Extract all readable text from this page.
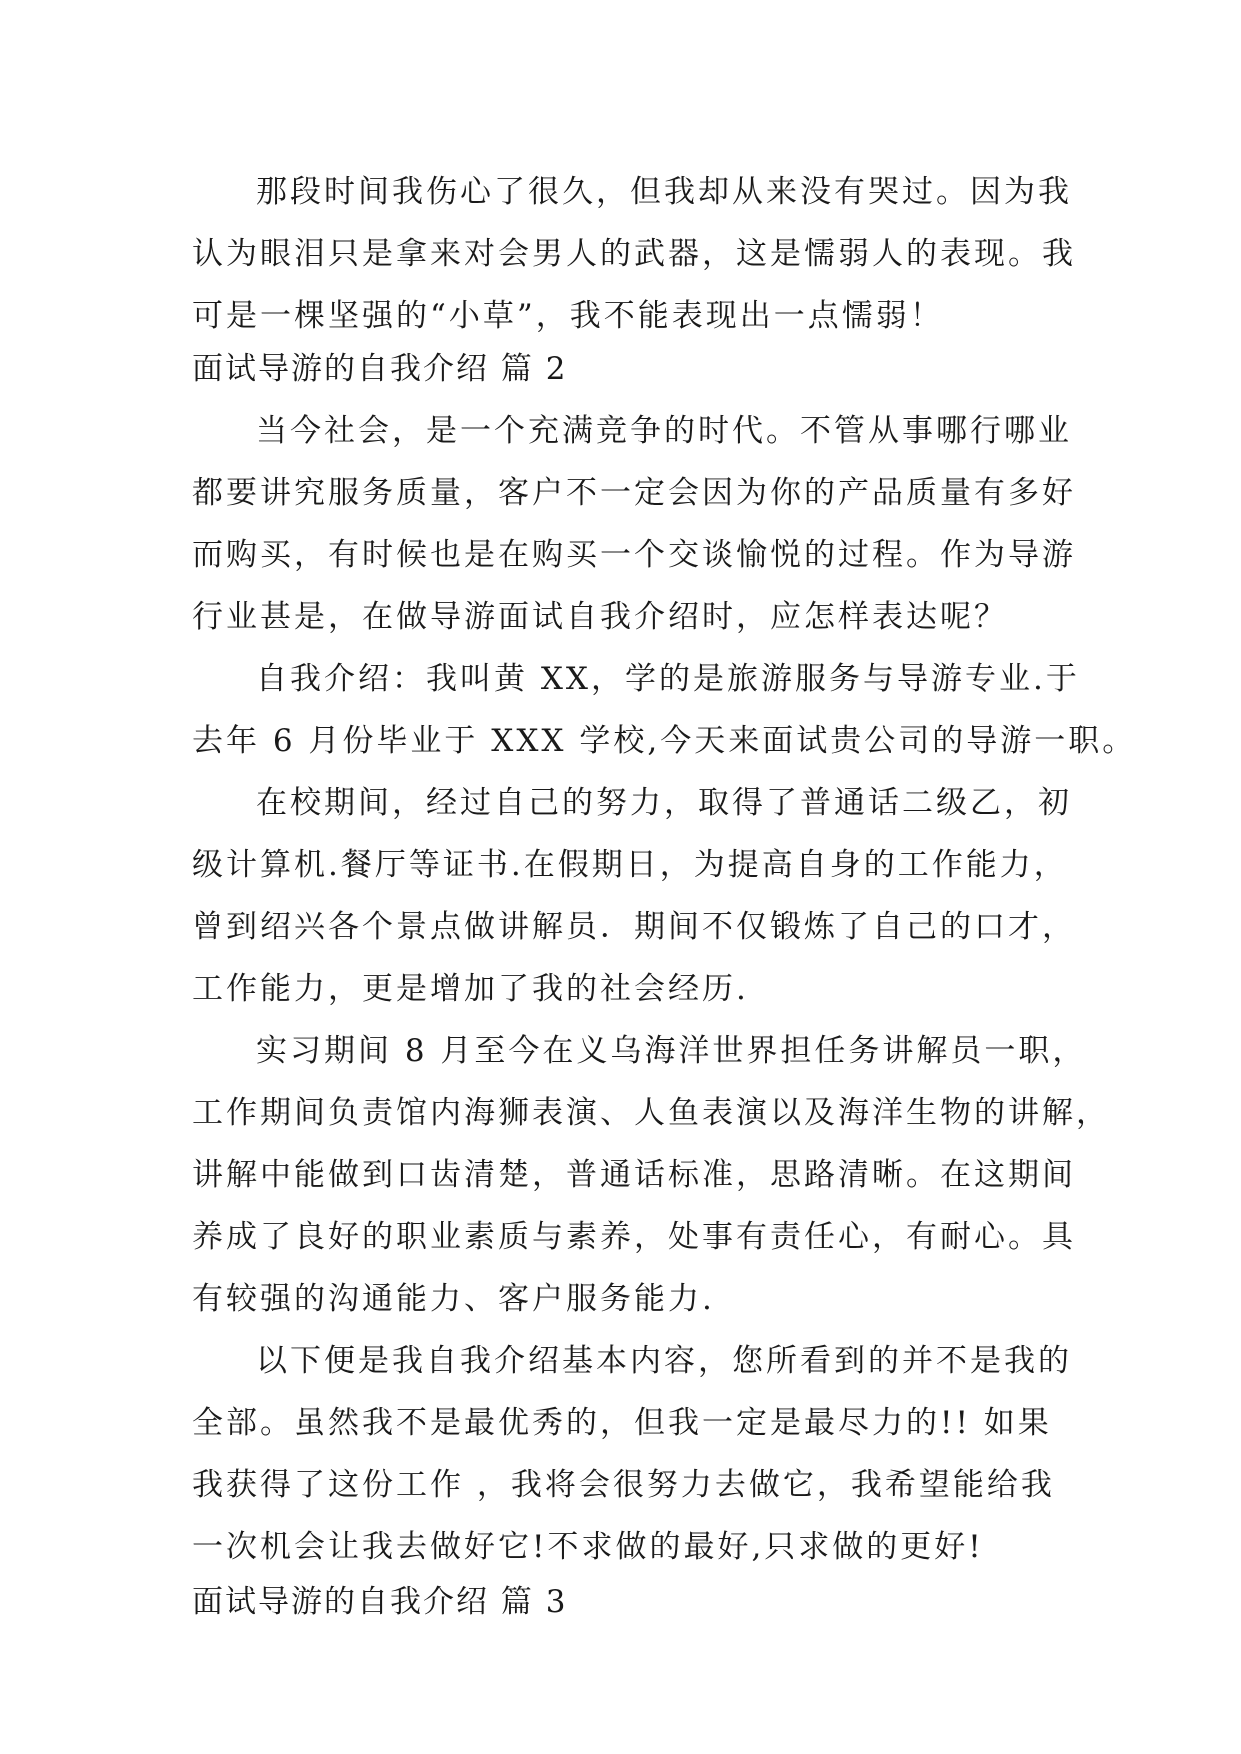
那段时间我伤心了很久，但我却从来没有哭过。因为我
认为眼泪只是拿来对会男人的武器，这是懦弱人的表现。我
可是一棵坚强的“小草”，我不能表现出一点懦弱！
面试导游的自我介绍 篇 2
当今社会，是一个充满竞争的时代。不管从事哪行哪业
都要讲究服务质量，客户不一定会因为你的产品质量有多好
而购买，有时候也是在购买一个交谈愉悦的过程。作为导游
行业甚是，在做导游面试自我介绍时，应怎样表达呢？
自我介绍：我叫黄 XX，学的是旅游服务与导游专业.于
去年 6 月份毕业于 XXX 学校,今天来面试贵公司的导游一职。
在校期间，经过自己的努力，取得了普通话二级乙，初
级计算机.餐厅等证书.在假期日，为提高自身的工作能力，
曾到绍兴各个景点做讲解员．期间不仅锻炼了自己的口才，
工作能力，更是增加了我的社会经历.
实习期间 8 月至今在义乌海洋世界担任务讲解员一职，
工作期间负责馆内海狮表演、人鱼表演以及海洋生物的讲解，
讲解中能做到口齿清楚，普通话标准，思路清晰。在这期间
养成了良好的职业素质与素养，处事有责任心，有耐心。具
有较强的沟通能力、客户服务能力.
以下便是我自我介绍基本内容，您所看到的并不是我的
全部。虽然我不是最优秀的，但我一定是最尽力的!! 如果
我获得了这份工作 ，我将会很努力去做它，我希望能给我
一次机会让我去做好它!不求做的最好,只求做的更好!
面试导游的自我介绍 篇 3
